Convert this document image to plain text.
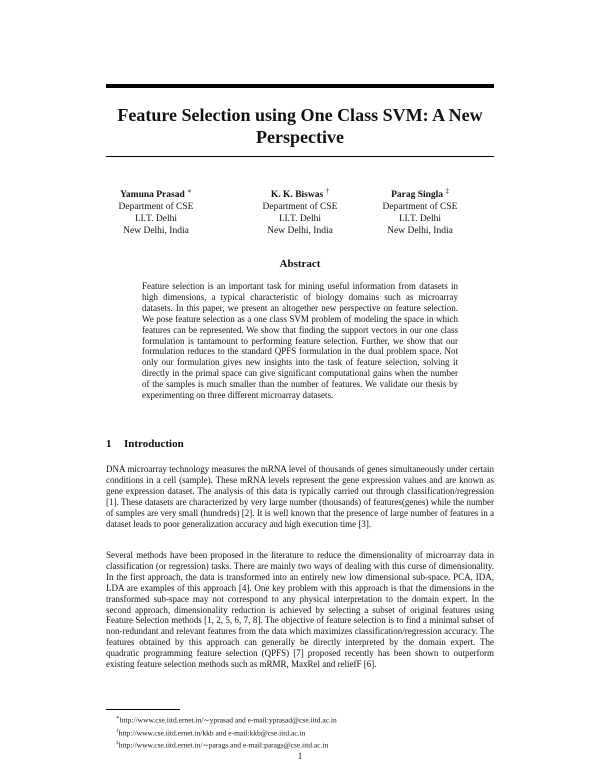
Feature Selection using One Class SVM: A New
Perspective
Yamuna Prasad ∗
Department of CSE
I.I.T. Delhi
New Delhi, India
K. K. Biswas †
Department of CSE
I.I.T. Delhi
New Delhi, India
Parag Singla ‡
Department of CSE
I.I.T. Delhi
New Delhi, India
Abstract

Feature selection is an important task for mining useful information from datasets in high dimensions, a typical characteristic of biology domains such as microarray datasets. In this paper, we present an altogether new perspective on feature selection. We pose feature selection as a one class SVM problem of modeling the space in which features can be represented. We show that finding the support vectors in our one class formulation is tantamount to performing feature selection. Further, we show that our formulation reduces to the standard QPFS formulation in the dual problem space. Not only our formulation gives new insights into the task of feature selection, solving it directly in the primal space can give significant computational gains when the number of the samples is much smaller than the number of features. We validate our thesis by experimenting on three different microarray datasets.

1 Introduction

DNA microarray technology measures the mRNA level of thousands of genes simultaneously under certain conditions in a cell (sample). These mRNA levels represent the gene expression values and are known as gene expression dataset. The analysis of this data is typically carried out through classification/regression [1]. These datasets are characterized by very large number (thousands) of features(genes) while the number of samples are very small (hundreds) [2]. It is well known that the presence of large number of features in a dataset leads to poor generalization accuracy and high execution time [3].

Several methods have been proposed in the literature to reduce the dimensionality of microarray data in classification (or regression) tasks. There are mainly two ways of dealing with this curse of dimensionality. In the first approach, the data is transformed into an entirely new low dimensional sub-space. PCA, IDA, LDA are examples of this approach [4]. One key problem with this approach is that the dimensions in the transformed sub-space may not correspond to any physical interpretation to the domain expert. In the second approach, dimensionality reduction is achieved by selecting a subset of original features using Feature Selection methods [1, 2, 5, 6, 7, 8]. The objective of feature selection is to find a minimal subset of non-redundant and relevant features from the data which maximizes classification/regression accuracy. The features obtained by this approach can generally be directly interpreted by the domain expert. The quadratic programming feature selection (QPFS) [7] proposed recently has been shown to outperform existing feature selection methods such as mRMR, MaxRel and reliefF [6].

∗http://www.cse.iitd.ernet.in/∼yprasad and e-mail:yprasad@cse.iitd.ac.in
†http://www.cse.iitd.ernet.in/kkb and e-mail:kkb@cse.iitd.ac.in
‡http://www.cse.iitd.ernet.in/∼parags and e-mail:parags@cse.iitd.ac.in
1
